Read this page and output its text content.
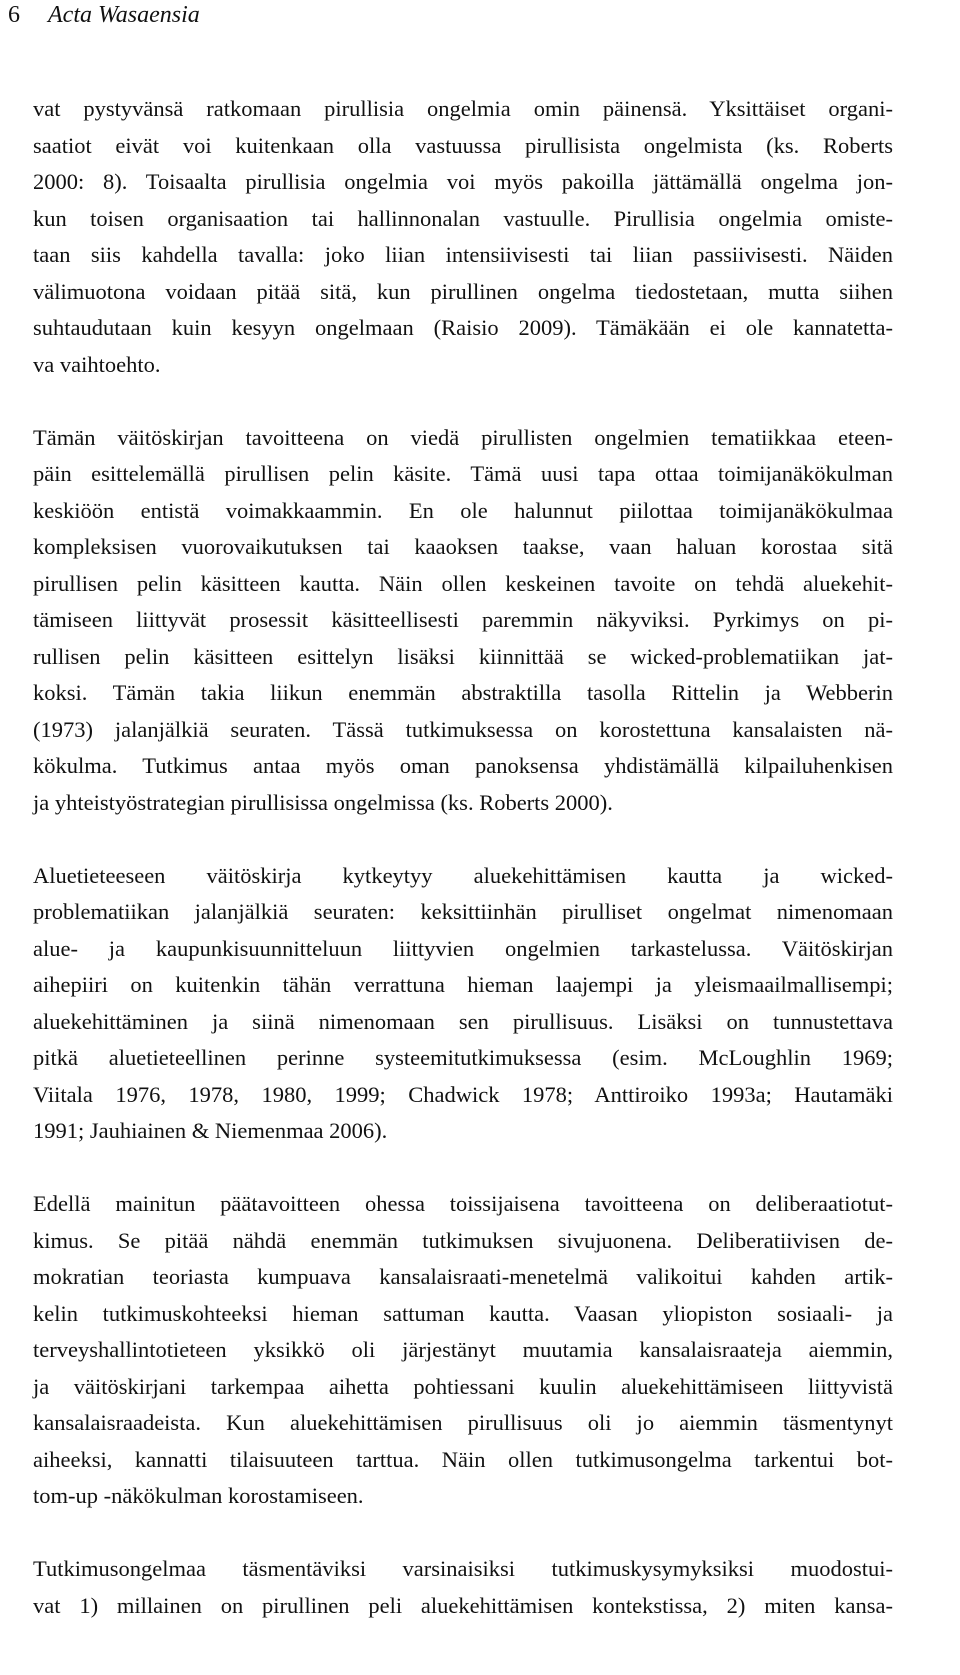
6 Acta Wasaensia

vat pystyvänsä ratkomaan pirullisia ongelmia omin päinensä. Yksittäiset organi-
saatiot eivät voi kuitenkaan olla vastuussa pirullisista ongelmista (ks. Roberts
2000: 8). Toisaalta pirullisia ongelmia voi myös pakoilla jättämällä ongelma jon-
kun toisen organisaation tai hallinnonalan vastuulle. Pirullisia ongelmia omiste-
taan siis kahdella tavalla: joko liian intensiivisesti tai liian passiivisesti. Näiden
välimuotona voidaan pitää sitä, kun pirullinen ongelma tiedostetaan, mutta siihen
suhtaudutaan kuin kesyyn ongelmaan (Raisio 2009). Tämäkään ei ole kannatetta-
va vaihtoehto.

Tämän väitöskirjan tavoitteena on viedä pirullisten ongelmien tematiikkaa eteen-
päin esittelemällä pirullisen pelin käsite. Tämä uusi tapa ottaa toimijanäkökulman
keskiöön entistä voimakkaammin. En ole halunnut piilottaa toimijanäkökulmaa
kompleksisen vuorovaikutuksen tai kaaoksen taakse, vaan haluan korostaa sitä
pirullisen pelin käsitteen kautta. Näin ollen keskeinen tavoite on tehdä aluekehit-
tämiseen liittyvät prosessit käsitteellisesti paremmin näkyviksi. Pyrkimys on pi-
rullisen pelin käsitteen esittelyn lisäksi kiinnittää se wicked-problematiikan jat-
koksi. Tämän takia liikun enemmän abstraktilla tasolla Rittelin ja Webberin
(1973) jalanjälkiä seuraten. Tässä tutkimuksessa on korostettuna kansalaisten nä-
kökulma. Tutkimus antaa myös oman panoksensa yhdistämällä kilpailuhenkisen
ja yhteistyöstrategian pirullisissa ongelmissa (ks. Roberts 2000).

Aluetieteeseen väitöskirja kytkeytyy aluekehittämisen kautta ja wicked-
problematiikan jalanjälkiä seuraten: keksittiinhän pirulliset ongelmat nimenomaan
alue- ja kaupunkisuunnitteluun liittyvien ongelmien tarkastelussa. Väitöskirjan
aihepiiri on kuitenkin tähän verrattuna hieman laajempi ja yleismaailmallisempi;
aluekehittäminen ja siinä nimenomaan sen pirullisuus. Lisäksi on tunnustettava
pitkä aluetieteellinen perinne systeemitutkimuksessa (esim. McLoughlin 1969;
Viitala 1976, 1978, 1980, 1999; Chadwick 1978; Anttiroiko 1993a; Hautamäki
1991; Jauhiainen & Niemenmaa 2006).

Edellä mainitun päätavoitteen ohessa toissijaisena tavoitteena on deliberaatiotut-
kimus. Se pitää nähdä enemmän tutkimuksen sivujuonena. Deliberatiivisen de-
mokratian teoriasta kumpuava kansalaisraati-menetelmä valikoitui kahden artik-
kelin tutkimuskohteeksi hieman sattuman kautta. Vaasan yliopiston sosiaali- ja
terveyshallintotieteen yksikkö oli järjestänyt muutamia kansalaisraateja aiemmin,
ja väitöskirjani tarkempaa aihetta pohtiessani kuulin aluekehittämiseen liittyvistä
kansalaisraadeista. Kun aluekehittämisen pirullisuus oli jo aiemmin täsmentynyt
aiheeksi, kannatti tilaisuuteen tarttua. Näin ollen tutkimusongelma tarkentui bot-
tom-up -näkökulman korostamiseen.

Tutkimusongelmaa täsmentäviksi varsinaisiksi tutkimuskysymyksiksi muodostui-
vat 1) millainen on pirullinen peli aluekehittämisen kontekstissa, 2) miten kansa-
